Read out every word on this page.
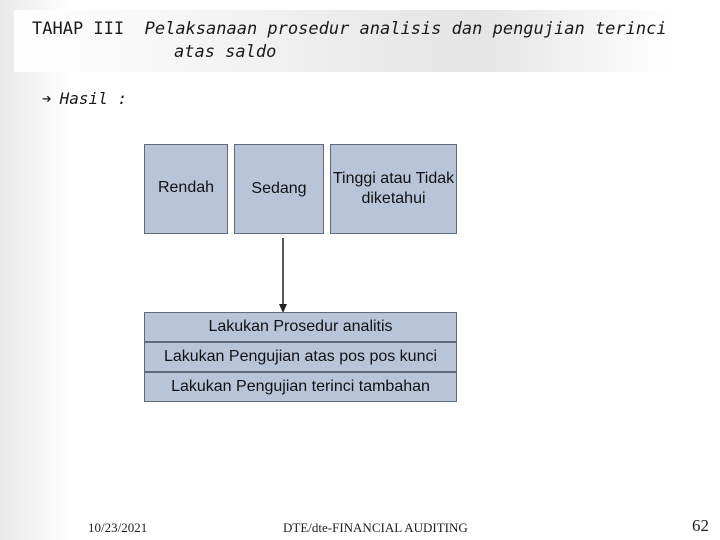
TAHAP III Pelaksanaan prosedur analisis dan pengujian terinci
atas saldo
➔ Hasil :
Rendah Sedang
Tinggi atau Tidak diketahui
Lakukan Prosedur analitis
Lakukan Pengujian atas pos pos kunci
Lakukan Pengujian terinci tambahan
10/23/2021	DTE/dte-FINANCIAL AUDITING	62
